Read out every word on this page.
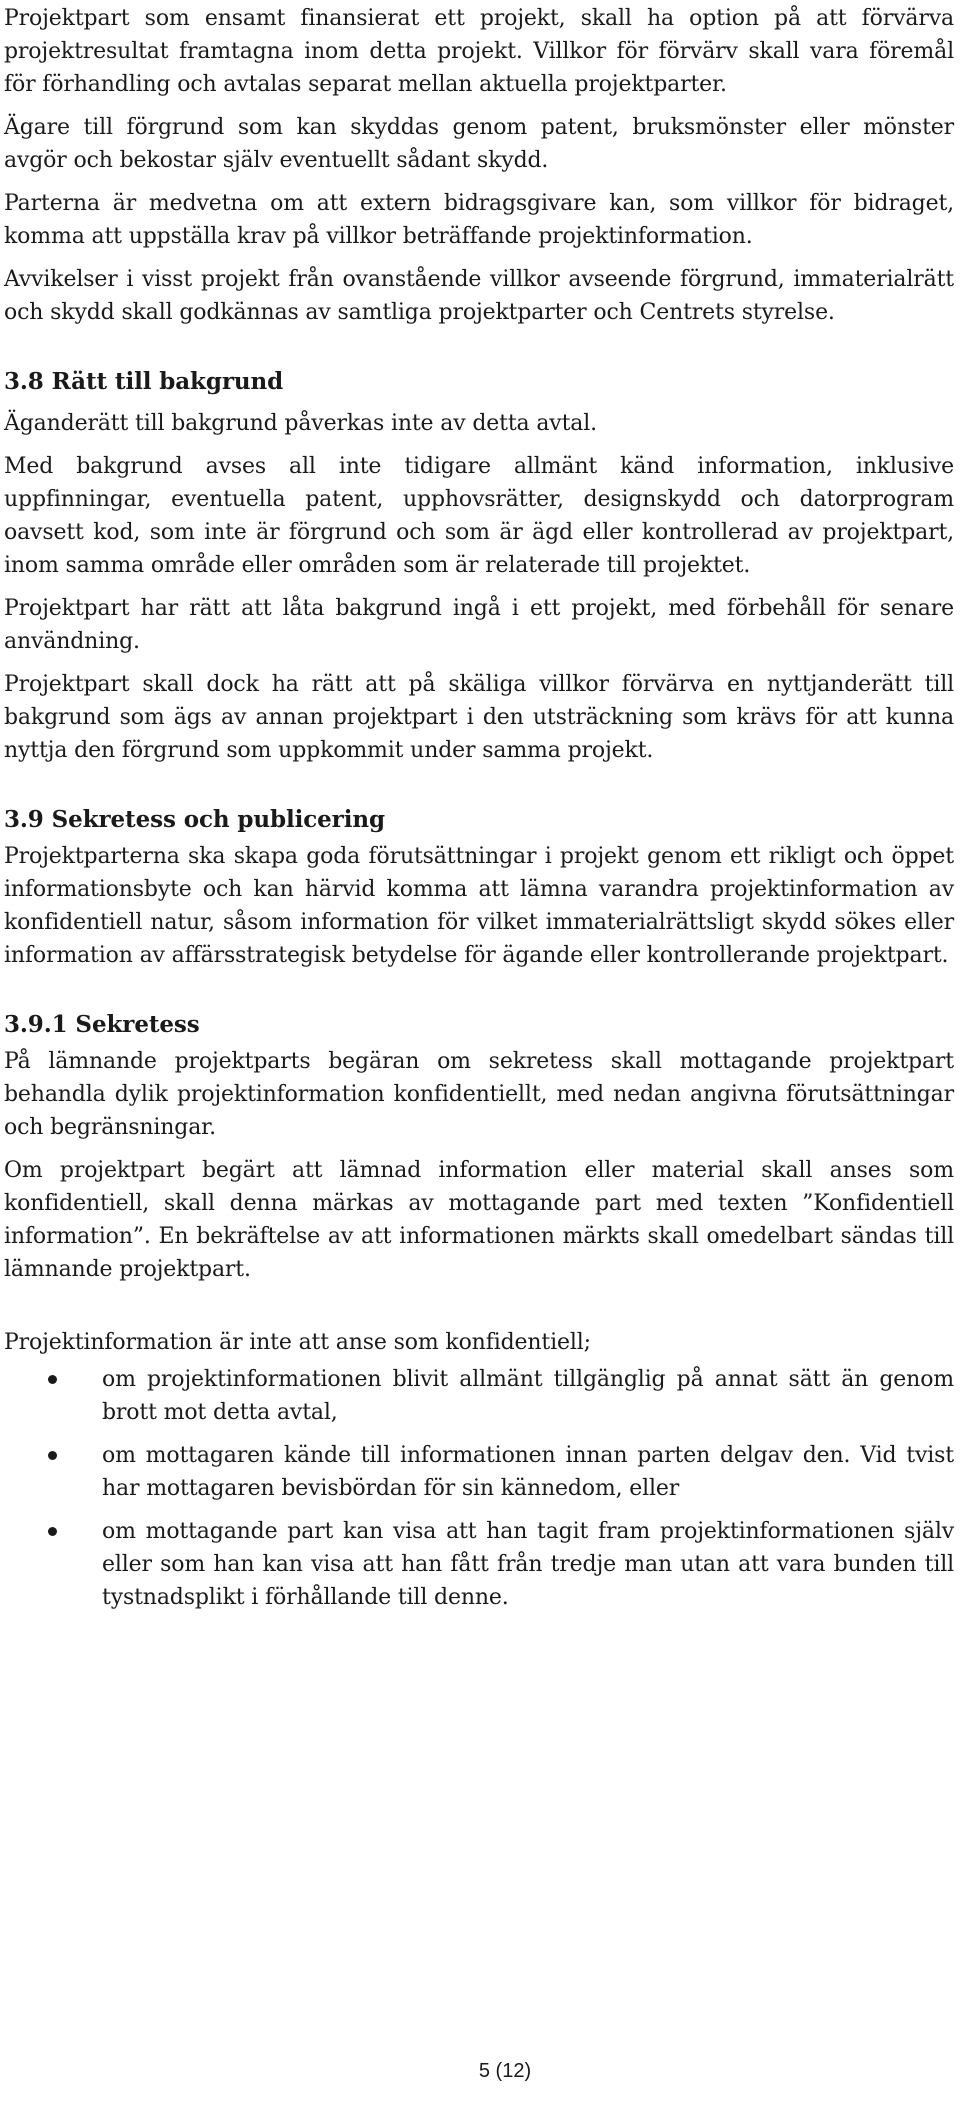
Projektpart som ensamt finansierat ett projekt, skall ha option på att förvärva projektresultat framtagna inom detta projekt. Villkor för förvärv skall vara föremål för förhandling och avtalas separat mellan aktuella projektparter.

Ägare till förgrund som kan skyddas genom patent, bruksmönster eller mönster avgör och bekostar själv eventuellt sådant skydd.

Parterna är medvetna om att extern bidragsgivare kan, som villkor för bidraget, komma att uppställa krav på villkor beträffande projektinformation.

Avvikelser i visst projekt från ovanstående villkor avseende förgrund, immaterialrätt och skydd skall godkännas av samtliga projektparter och Centrets styrelse.

3.8 Rätt till bakgrund

Äganderätt till bakgrund påverkas inte av detta avtal.

Med bakgrund avses all inte tidigare allmänt känd information, inklusive uppfinningar, eventuella patent, upphovsrätter, designskydd och datorprogram oavsett kod, som inte är förgrund och som är ägd eller kontrollerad av projektpart, inom samma område eller områden som är relaterade till projektet.

Projektpart har rätt att låta bakgrund ingå i ett projekt, med förbehåll för senare användning.

Projektpart skall dock ha rätt att på skäliga villkor förvärva en nyttjanderätt till bakgrund som ägs av annan projektpart i den utsträckning som krävs för att kunna nyttja den förgrund som uppkommit under samma projekt.

3.9 Sekretess och publicering

Projektparterna ska skapa goda förutsättningar i projekt genom ett rikligt och öppet informationsbyte och kan härvid komma att lämna varandra projektinformation av konfidentiell natur, såsom information för vilket immaterialrättsligt skydd sökes eller information av affärsstrategisk betydelse för ägande eller kontrollerande projektpart.

3.9.1 Sekretess

På lämnande projektparts begäran om sekretess skall mottagande projektpart behandla dylik projektinformation konfidentiellt, med nedan angivna förutsättningar och begränsningar.

Om projektpart begärt att lämnad information eller material skall anses som konfidentiell, skall denna märkas av mottagande part med texten ”Konfidentiell information”. En bekräftelse av att informationen märkts skall omedelbart sändas till lämnande projektpart.

Projektinformation är inte att anse som konfidentiell;

om projektinformationen blivit allmänt tillgänglig på annat sätt än genom brott mot detta avtal,
om mottagaren kände till informationen innan parten delgav den. Vid tvist har mottagaren bevisbördan för sin kännedom, eller
om mottagande part kan visa att han tagit fram projektinformationen själv eller som han kan visa att han fått från tredje man utan att vara bunden till tystnadsplikt i förhållande till denne.
5 (12)
